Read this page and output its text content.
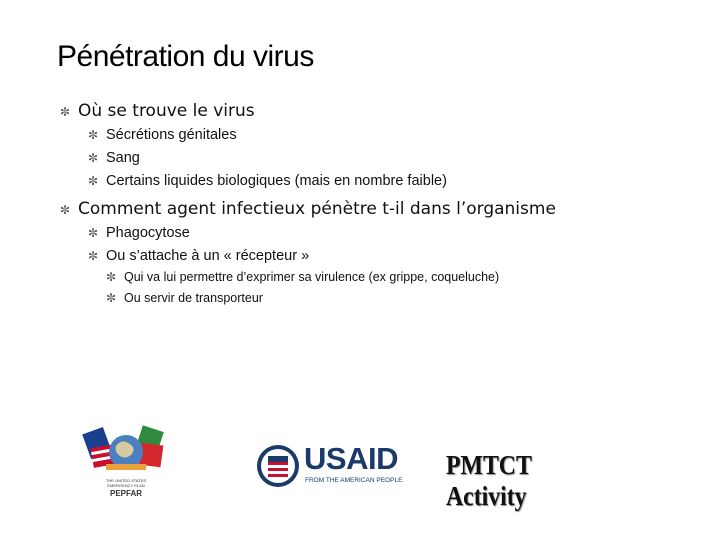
Pénétration du virus
✼ Où se trouve le virus
✼ Sécrétions génitales
✼ Sang
✼ Certains liquides biologiques (mais en nombre faible)
✼ Comment agent infectieux pénètre t-il dans l’organisme
✼ Phagocytose
✼ Ou s’attache à un « récepteur »
✼ Qui va lui permettre d’exprimer sa virulence (ex grippe, coqueluche)
✼ Ou servir de transporteur
THE UNITED STATES
EMERGENCY PLAN
PEPFAR
USAID
FROM THE AMERICAN PEOPLE
PMTCT Activity
